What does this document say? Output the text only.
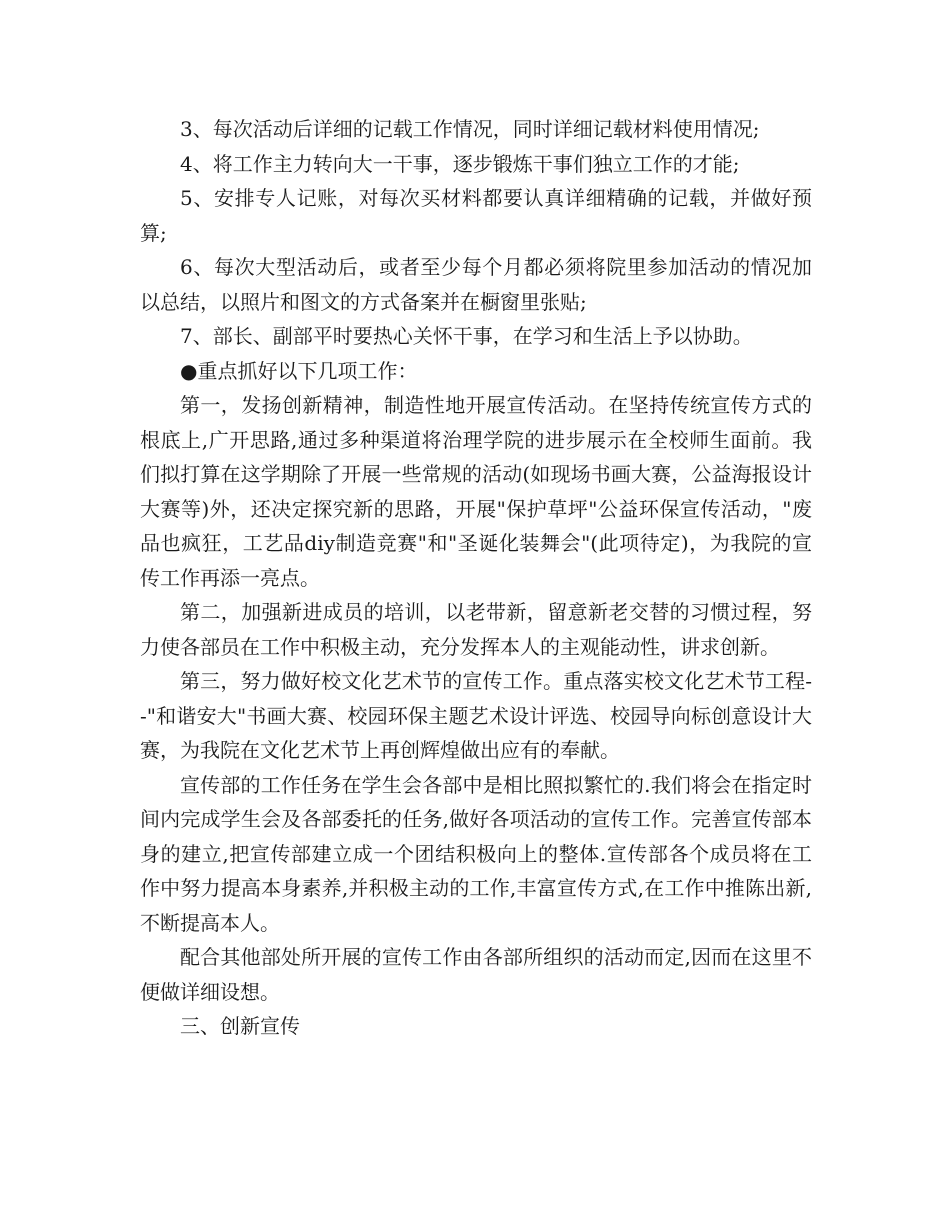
3、每次活动后详细的记载工作情况，同时详细记载材料使用情况;

4、将工作主力转向大一干事，逐步锻炼干事们独立工作的才能;

5、安排专人记账，对每次买材料都要认真详细精确的记载，并做好预算;

6、每次大型活动后，或者至少每个月都必须将院里参加活动的情况加以总结，以照片和图文的方式备案并在橱窗里张贴;

7、部长、副部平时要热心关怀干事，在学习和生活上予以协助。

●重点抓好以下几项工作：

第一，发扬创新精神，制造性地开展宣传活动。在坚持传统宣传方式的根底上,广开思路,通过多种渠道将治理学院的进步展示在全校师生面前。我们拟打算在这学期除了开展一些常规的活动(如现场书画大赛，公益海报设计大赛等)外，还决定探究新的思路，开展"保护草坪"公益环保宣传活动，"废品也疯狂，工艺品diy制造竞赛"和"圣诞化装舞会"(此项待定)，为我院的宣传工作再添一亮点。

第二，加强新进成员的培训，以老带新，留意新老交替的习惯过程，努力使各部员在工作中积极主动，充分发挥本人的主观能动性，讲求创新。

第三，努力做好校文化艺术节的宣传工作。重点落实校文化艺术节工程--"和谐安大"书画大赛、校园环保主题艺术设计评选、校园导向标创意设计大赛，为我院在文化艺术节上再创辉煌做出应有的奉献。

宣传部的工作任务在学生会各部中是相比照拟繁忙的.我们将会在指定时间内完成学生会及各部委托的任务,做好各项活动的宣传工作。完善宣传部本身的建立,把宣传部建立成一个团结积极向上的整体.宣传部各个成员将在工作中努力提高本身素养,并积极主动的工作,丰富宣传方式,在工作中推陈出新,不断提高本人。

配合其他部处所开展的宣传工作由各部所组织的活动而定,因而在这里不便做详细设想。

三、创新宣传
